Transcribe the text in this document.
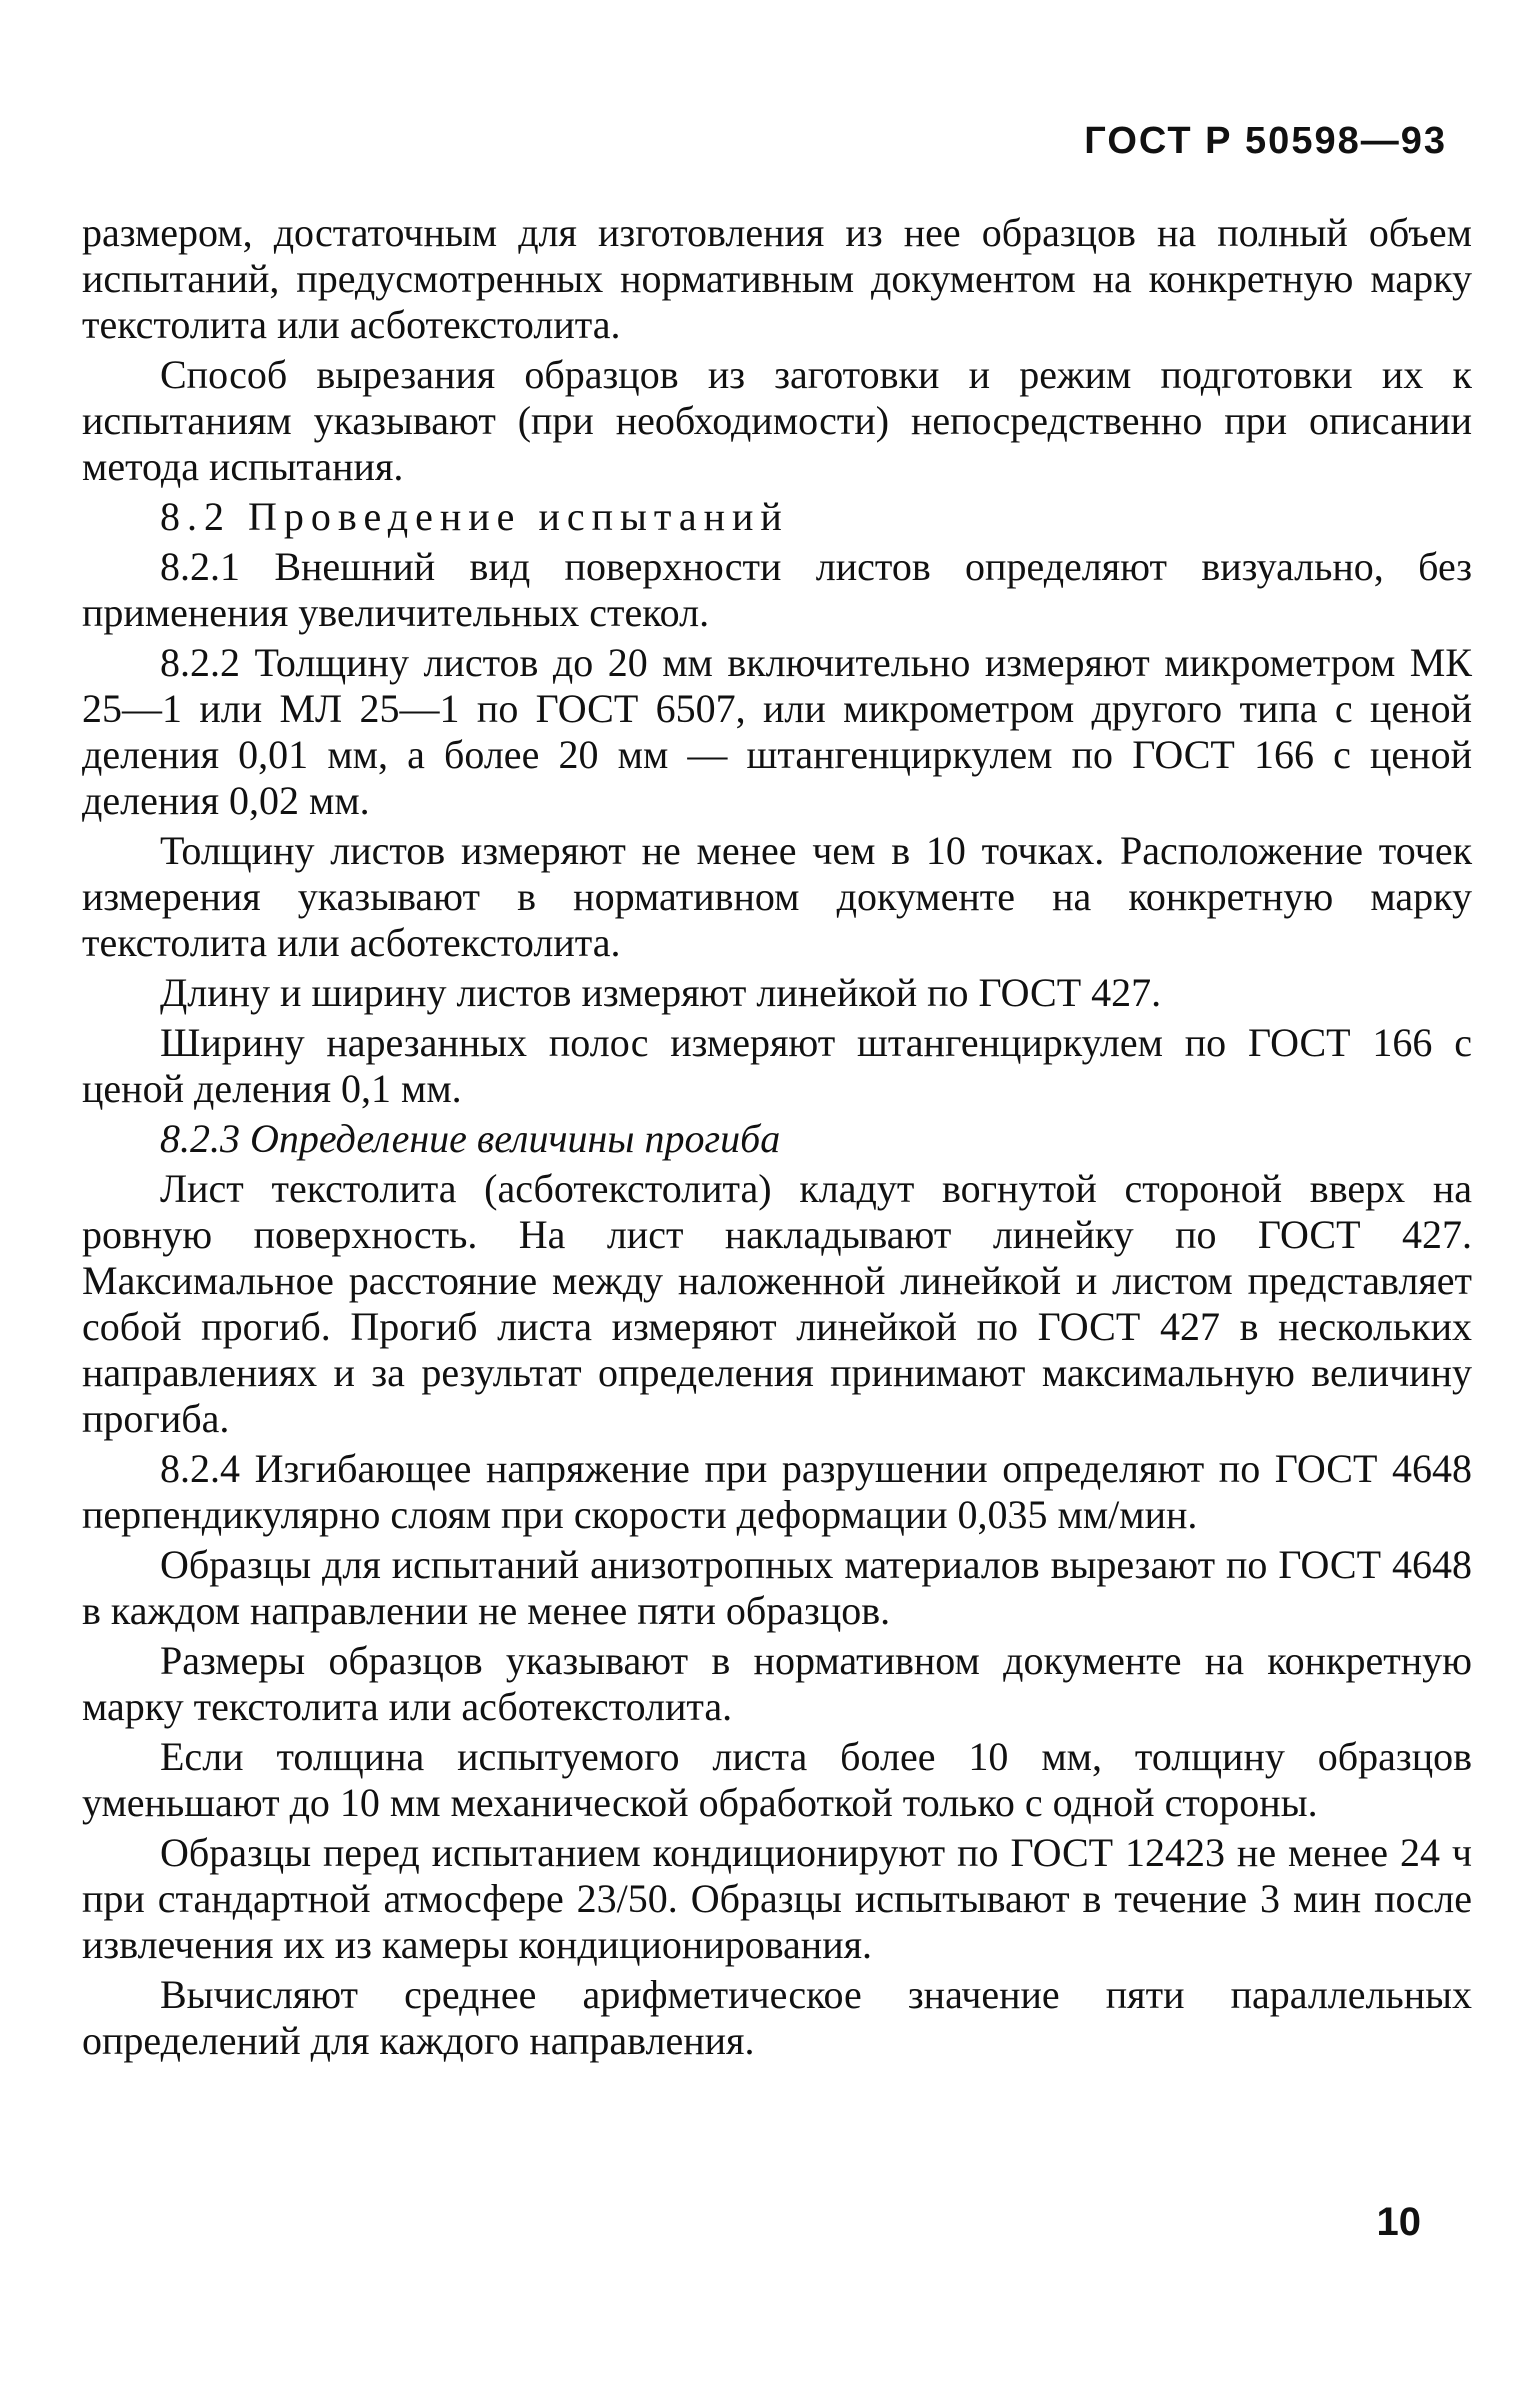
ГОСТ Р 50598—93

размером, достаточным для изготовления из нее образцов на полный объем испытаний, предусмотренных нормативным документом на конкретную марку текстолита или асботекстолита.

Способ вырезания образцов из заготовки и режим подготовки их к испытаниям указывают (при необходимости) непосредственно при описании метода испытания.

8.2 Проведение испытаний

8.2.1 Внешний вид поверхности листов определяют визуально, без применения увеличительных стекол.

8.2.2 Толщину листов до 20 мм включительно измеряют микрометром МК 25—1 или МЛ 25—1 по ГОСТ 6507, или микрометром другого типа с ценой деления 0,01 мм, а более 20 мм — штангенциркулем по ГОСТ 166 с ценой деления 0,02 мм.

Толщину листов измеряют не менее чем в 10 точках. Расположение точек измерения указывают в нормативном документе на конкретную марку текстолита или асботекстолита.

Длину и ширину листов измеряют линейкой по ГОСТ 427.

Ширину нарезанных полос измеряют штангенциркулем по ГОСТ 166 с ценой деления 0,1 мм.

8.2.3 Определение величины прогиба

Лист текстолита (асботекстолита) кладут вогнутой стороной вверх на ровную поверхность. На лист накладывают линейку по ГОСТ 427. Максимальное расстояние между наложенной линейкой и листом представляет собой прогиб. Прогиб листа измеряют линейкой по ГОСТ 427 в нескольких направлениях и за результат определения принимают максимальную величину прогиба.

8.2.4 Изгибающее напряжение при разрушении определяют по ГОСТ 4648 перпендикулярно слоям при скорости деформации 0,035 мм/мин.

Образцы для испытаний анизотропных материалов вырезают по ГОСТ 4648 в каждом направлении не менее пяти образцов.

Размеры образцов указывают в нормативном документе на конкретную марку текстолита или асботекстолита.

Если толщина испытуемого листа более 10 мм, толщину образцов уменьшают до 10 мм механической обработкой только с одной стороны.

Образцы перед испытанием кондиционируют по ГОСТ 12423 не менее 24 ч при стандартной атмосфере 23/50. Образцы испытывают в течение 3 мин после извлечения их из камеры кондиционирования.

Вычисляют среднее арифметическое значение пяти параллельных определений для каждого направления.

10
